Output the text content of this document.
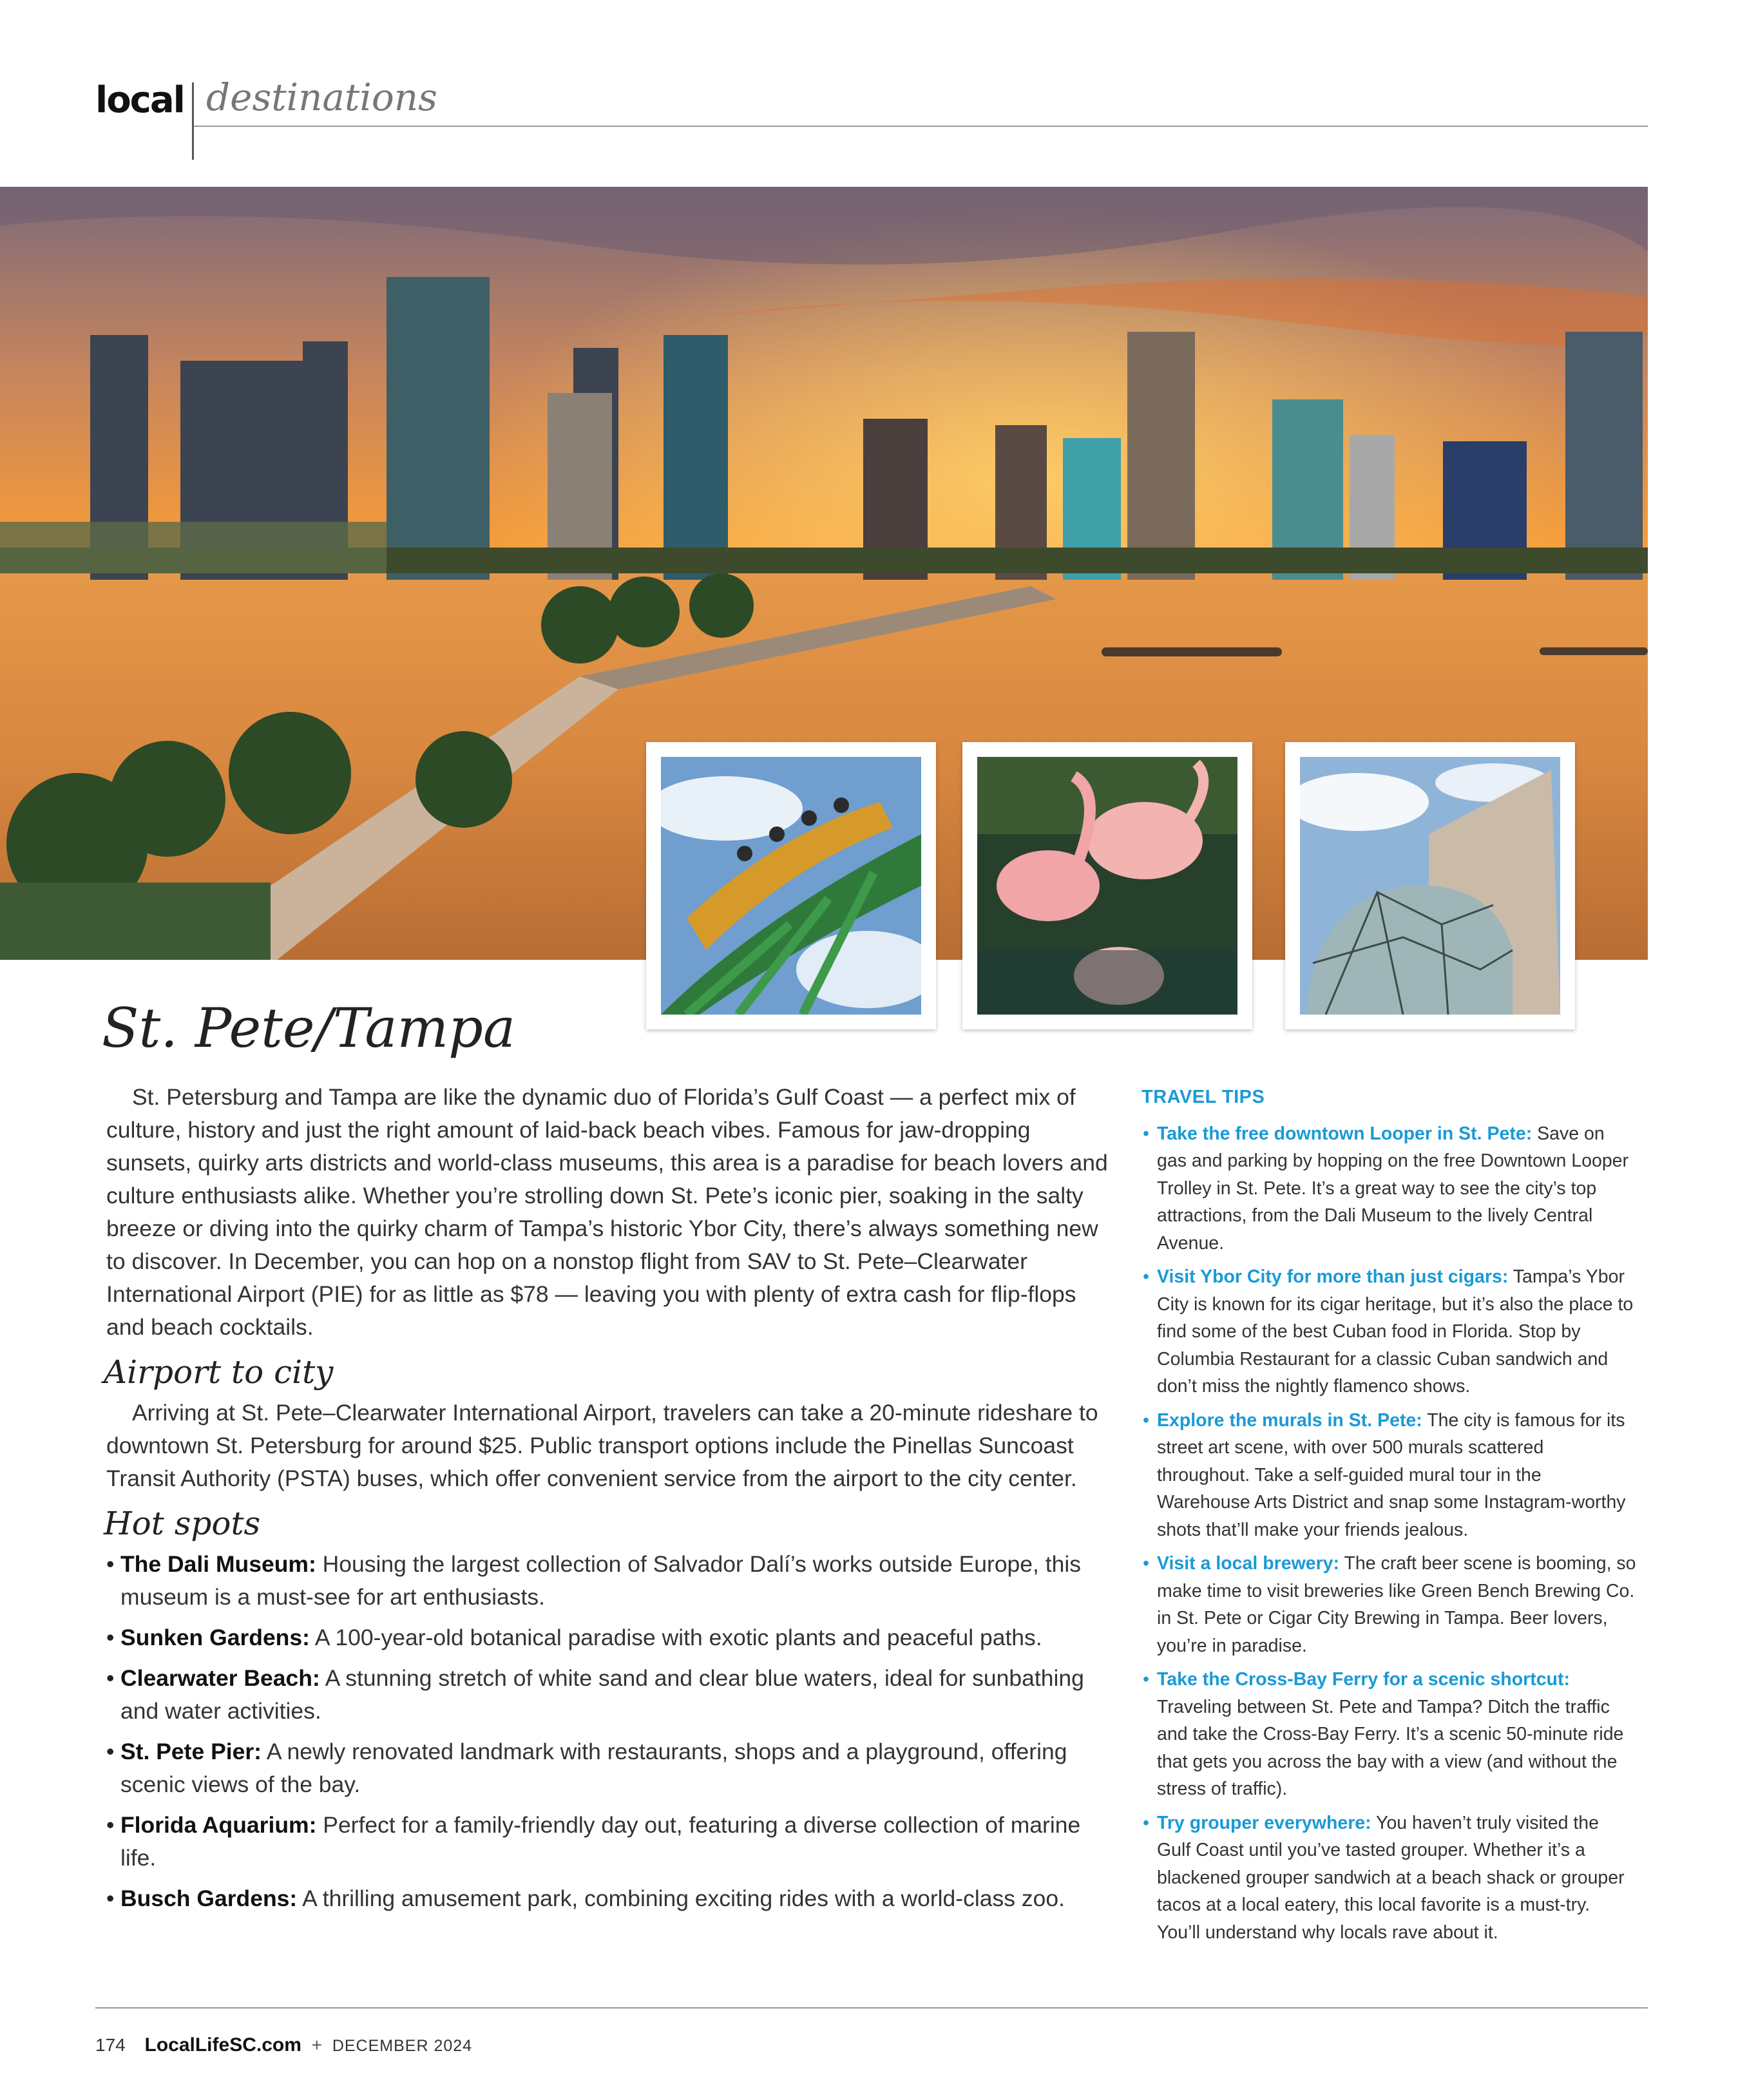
local destinations
St. Pete/Tampa

St. Petersburg and Tampa are like the dynamic duo of Florida’s Gulf Coast — a perfect mix of culture, history and just the right amount of laid-back beach vibes. Famous for jaw-dropping sunsets, quirky arts districts and world-class museums, this area is a paradise for beach lovers and culture enthusiasts alike. Whether you’re strolling down St. Pete’s iconic pier, soaking in the salty breeze or diving into the quirky charm of Tampa’s historic Ybor City, there’s always something new to discover. In December, you can hop on a nonstop flight from SAV to St. Pete–Clearwater International Airport (PIE) for as little as $78 — leaving you with plenty of extra cash for flip-flops and beach cocktails.

Airport to city

Arriving at St. Pete–Clearwater International Airport, travelers can take a 20-minute rideshare to downtown St. Petersburg for around $25. Public transport options include the Pinellas Suncoast Transit Authority (PSTA) buses, which offer convenient service from the airport to the city center.

Hot spots
• The Dali Museum: Housing the largest collection of Salvador Dalí’s works outside Europe, this museum is a must-see for art enthusiasts.
• Sunken Gardens: A 100-year-old botanical paradise with exotic plants and peaceful paths.
• Clearwater Beach: A stunning stretch of white sand and clear blue waters, ideal for sunbathing and water activities.
• St. Pete Pier: A newly renovated landmark with restaurants, shops and a playground, offering scenic views of the bay.
• Florida Aquarium: Perfect for a family-friendly day out, featuring a diverse collection of marine life.
• Busch Gardens: A thrilling amusement park, combining exciting rides with a world-class zoo.
TRAVEL TIPS
• Take the free downtown Looper in St. Pete: Save on gas and parking by hopping on the free Downtown Looper Trolley in St. Pete. It’s a great way to see the city’s top attractions, from the Dali Museum to the lively Central Avenue.
• Visit Ybor City for more than just cigars: Tampa’s Ybor City is known for its cigar heritage, but it’s also the place to find some of the best Cuban food in Florida. Stop by Columbia Restaurant for a classic Cuban sandwich and don’t miss the nightly flamenco shows.
• Explore the murals in St. Pete: The city is famous for its street art scene, with over 500 murals scattered throughout. Take a self-guided mural tour in the Warehouse Arts District and snap some Instagram-worthy shots that’ll make your friends jealous.
• Visit a local brewery: The craft beer scene is booming, so make time to visit breweries like Green Bench Brewing Co. in St. Pete or Cigar City Brewing in Tampa. Beer lovers, you’re in paradise.
• Take the Cross-Bay Ferry for a scenic shortcut: Traveling between St. Pete and Tampa? Ditch the traffic and take the Cross-Bay Ferry. It’s a scenic 50-minute ride that gets you across the bay with a view (and without the stress of traffic).
• Try grouper everywhere: You haven’t truly visited the Gulf Coast until you’ve tasted grouper. Whether it’s a blackened grouper sandwich at a beach shack or grouper tacos at a local eatery, this local favorite is a must-try. You’ll understand why locals rave about it.
174 LocalLifeSC.com + DECEMBER 2024
